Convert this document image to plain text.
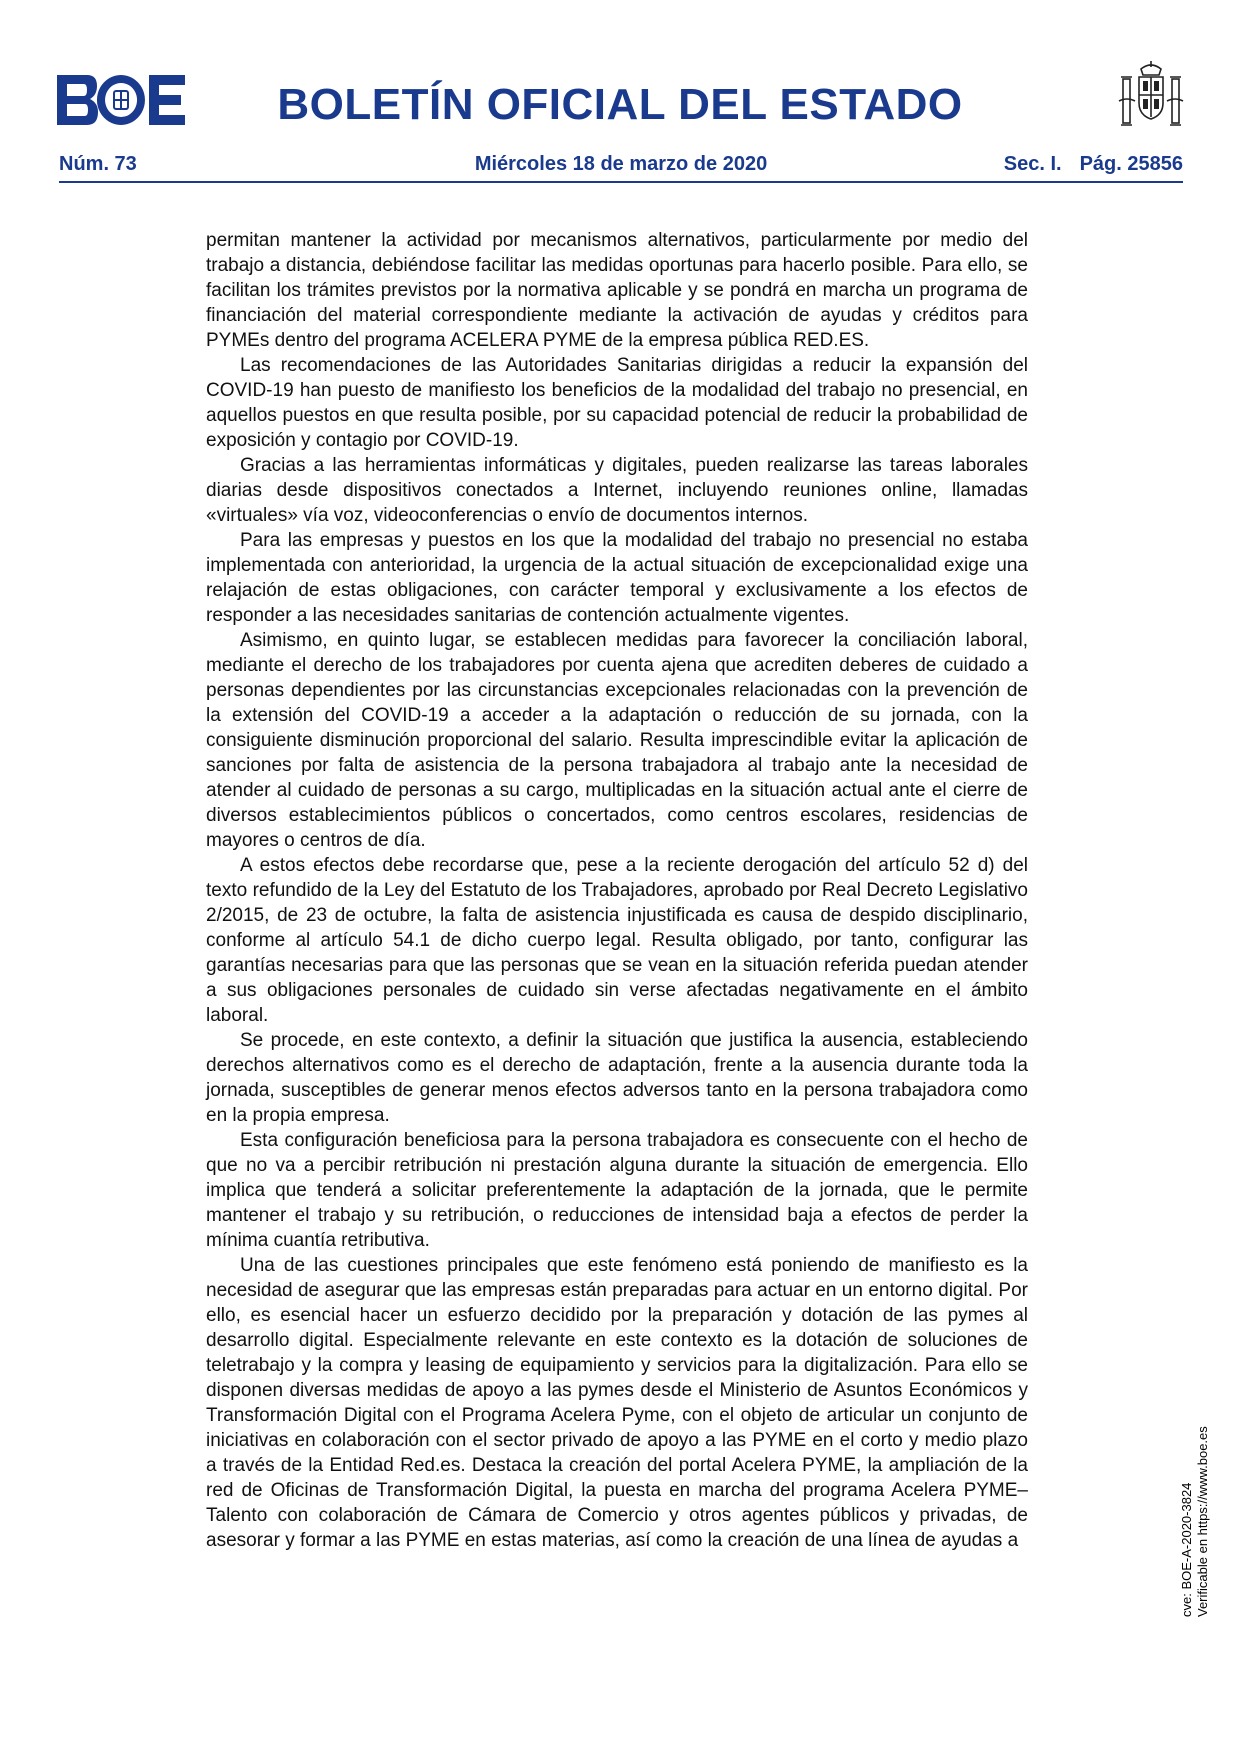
BOLETÍN OFICIAL DEL ESTADO
Núm. 73	Miércoles 18 de marzo de 2020	Sec. I. Pág. 25856

permitan mantener la actividad por mecanismos alternativos, particularmente por medio del trabajo a distancia, debiéndose facilitar las medidas oportunas para hacerlo posible. Para ello, se facilitan los trámites previstos por la normativa aplicable y se pondrá en marcha un programa de financiación del material correspondiente mediante la activación de ayudas y créditos para PYMEs dentro del programa ACELERA PYME de la empresa pública RED.ES.

Las recomendaciones de las Autoridades Sanitarias dirigidas a reducir la expansión del COVID-19 han puesto de manifiesto los beneficios de la modalidad del trabajo no presencial, en aquellos puestos en que resulta posible, por su capacidad potencial de reducir la probabilidad de exposición y contagio por COVID-19.

Gracias a las herramientas informáticas y digitales, pueden realizarse las tareas laborales diarias desde dispositivos conectados a Internet, incluyendo reuniones online, llamadas «virtuales» vía voz, videoconferencias o envío de documentos internos.

Para las empresas y puestos en los que la modalidad del trabajo no presencial no estaba implementada con anterioridad, la urgencia de la actual situación de excepcionalidad exige una relajación de estas obligaciones, con carácter temporal y exclusivamente a los efectos de responder a las necesidades sanitarias de contención actualmente vigentes.

Asimismo, en quinto lugar, se establecen medidas para favorecer la conciliación laboral, mediante el derecho de los trabajadores por cuenta ajena que acrediten deberes de cuidado a personas dependientes por las circunstancias excepcionales relacionadas con la prevención de la extensión del COVID-19 a acceder a la adaptación o reducción de su jornada, con la consiguiente disminución proporcional del salario. Resulta imprescindible evitar la aplicación de sanciones por falta de asistencia de la persona trabajadora al trabajo ante la necesidad de atender al cuidado de personas a su cargo, multiplicadas en la situación actual ante el cierre de diversos establecimientos públicos o concertados, como centros escolares, residencias de mayores o centros de día.

A estos efectos debe recordarse que, pese a la reciente derogación del artículo 52 d) del texto refundido de la Ley del Estatuto de los Trabajadores, aprobado por Real Decreto Legislativo 2/2015, de 23 de octubre, la falta de asistencia injustificada es causa de despido disciplinario, conforme al artículo 54.1 de dicho cuerpo legal. Resulta obligado, por tanto, configurar las garantías necesarias para que las personas que se vean en la situación referida puedan atender a sus obligaciones personales de cuidado sin verse afectadas negativamente en el ámbito laboral.

Se procede, en este contexto, a definir la situación que justifica la ausencia, estableciendo derechos alternativos como es el derecho de adaptación, frente a la ausencia durante toda la jornada, susceptibles de generar menos efectos adversos tanto en la persona trabajadora como en la propia empresa.

Esta configuración beneficiosa para la persona trabajadora es consecuente con el hecho de que no va a percibir retribución ni prestación alguna durante la situación de emergencia. Ello implica que tenderá a solicitar preferentemente la adaptación de la jornada, que le permite mantener el trabajo y su retribución, o reducciones de intensidad baja a efectos de perder la mínima cuantía retributiva.

Una de las cuestiones principales que este fenómeno está poniendo de manifiesto es la necesidad de asegurar que las empresas están preparadas para actuar en un entorno digital. Por ello, es esencial hacer un esfuerzo decidido por la preparación y dotación de las pymes al desarrollo digital. Especialmente relevante en este contexto es la dotación de soluciones de teletrabajo y la compra y leasing de equipamiento y servicios para la digitalización. Para ello se disponen diversas medidas de apoyo a las pymes desde el Ministerio de Asuntos Económicos y Transformación Digital con el Programa Acelera Pyme, con el objeto de articular un conjunto de iniciativas en colaboración con el sector privado de apoyo a las PYME en el corto y medio plazo a través de la Entidad Red.es. Destaca la creación del portal Acelera PYME, la ampliación de la red de Oficinas de Transformación Digital, la puesta en marcha del programa Acelera PYME–Talento con colaboración de Cámara de Comercio y otros agentes públicos y privadas, de asesorar y formar a las PYME en estas materias, así como la creación de una línea de ayudas a	cve: BOE-A-2020-3824 Verificable en https://www.boe.es
